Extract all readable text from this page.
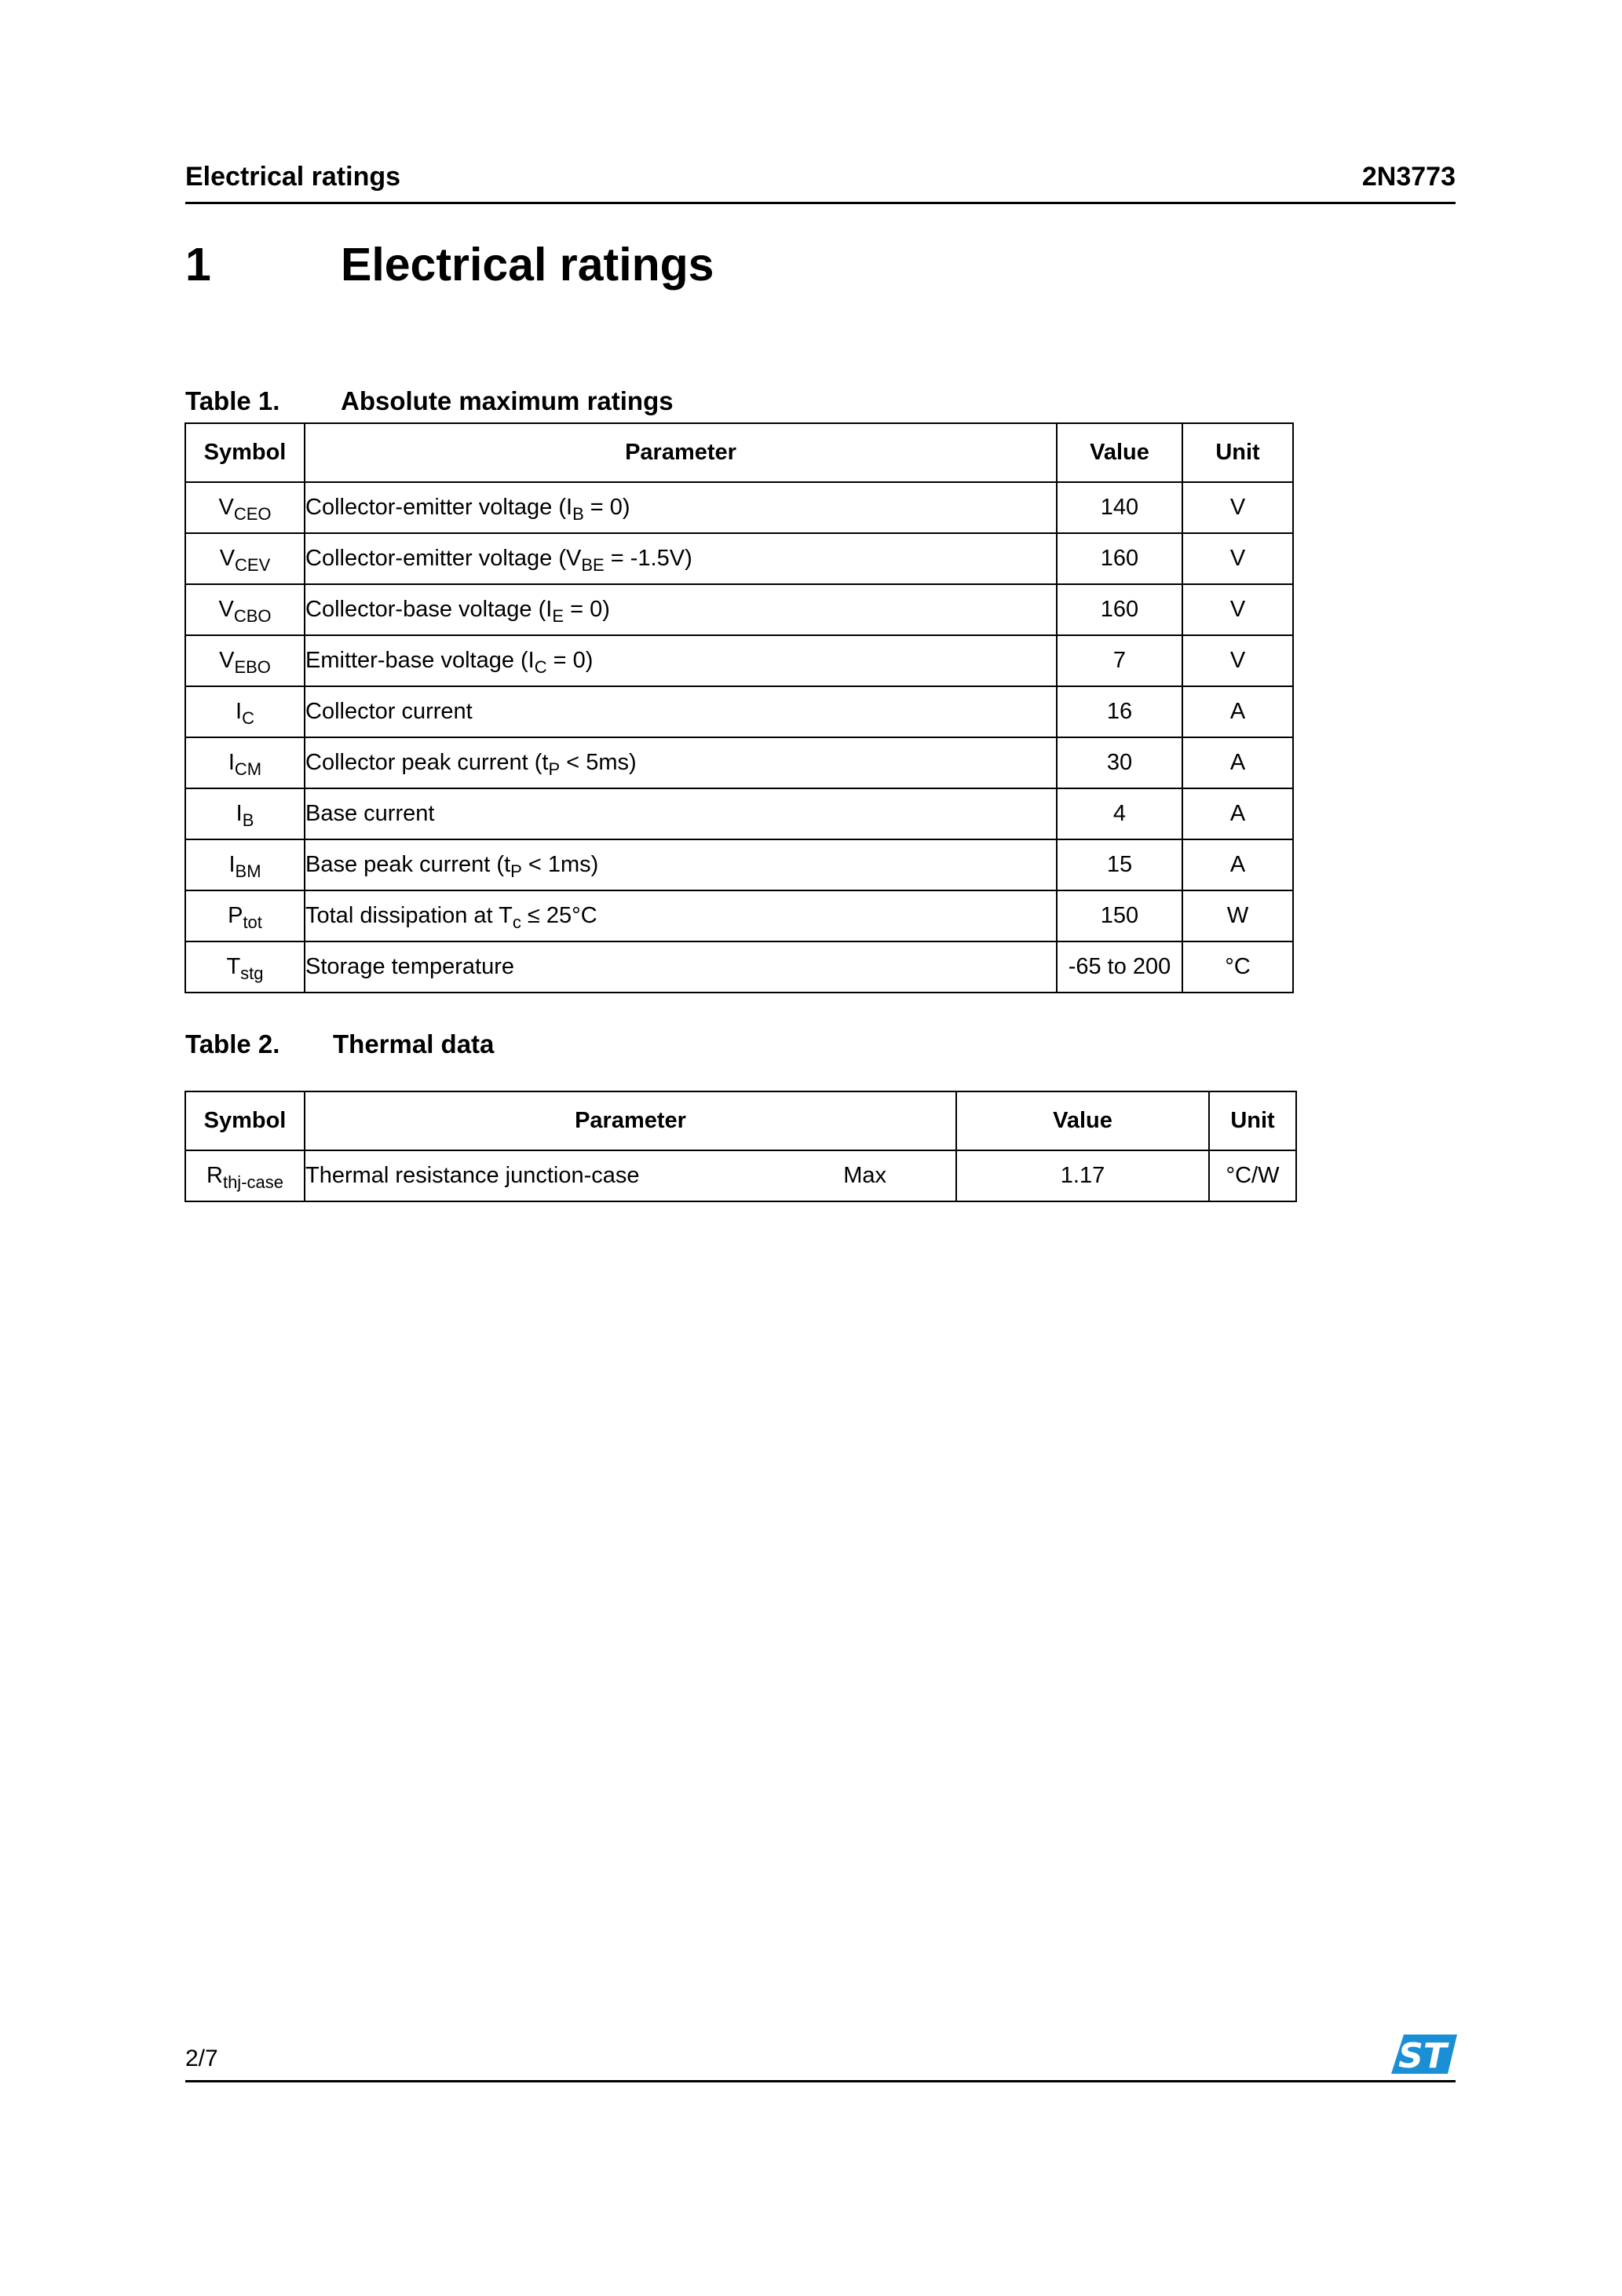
Electrical ratings	2N3773
1	Electrical ratings
Table 1. Absolute maximum ratings
Symbol	Parameter	Value	Unit
$V_{CEO}$	Collector-emitter voltage $(I_B = 0)$	140	V
$V_{CEV}$	Collector-emitter voltage $(V_{BE} = -1.5V)$	160	V
$V_{CBO}$	Collector-base voltage $(I_E = 0)$	160	V
$V_{EBO}$	Emitter-base voltage $(I_C = 0)$	7	V
$I_C$	Collector current	16	A
$I_{CM}$	Collector peak current $(t_P < 5ms)$	30	A
$I_B$	Base current	4	A
$I_{BM}$	Base peak current $(t_P < 1ms)$	15	A
$P_{tot}$	Total dissipation at $T_c \le 25^\circ C$	150	W
$T_{stg}$	Storage temperature	-65 to 200	°C
Table 2. Thermal data
Symbol	Parameter	Value	Unit
$R_{thj-case}$	Thermal resistance junction-case Max	1.17	°C/W
2/7	ST
